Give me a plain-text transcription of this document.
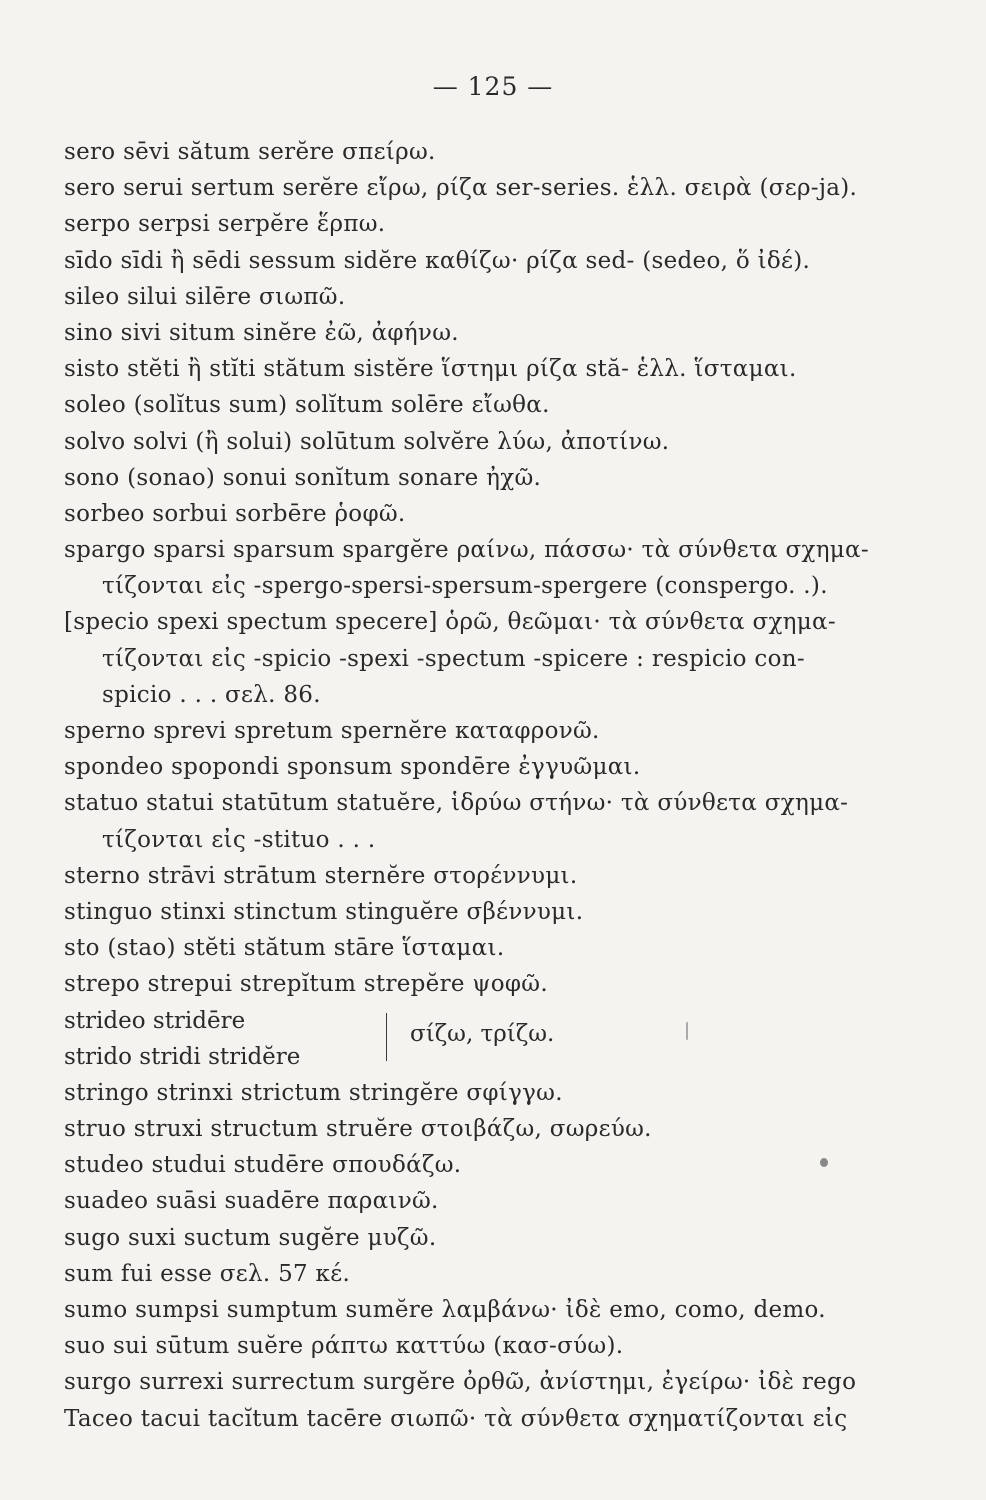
— 125 —
sero sēvi sătum serĕre σπείρω.
sero serui sertum serĕre εἴρω, ρίζα ser-series. ἑλλ. σειρὰ (σερ-ja).
serpo serpsi serpĕre ἕρπω.
sīdo sīdi ἢ sēdi sessum sidĕre καθίζω· ρίζα sed- (sedeo, ὅ ἰδέ).
sileo silui silēre σιωπῶ.
sino sivi situm sinĕre ἐῶ, ἀφήνω.
sisto stĕti ἢ stĭti stătum sistĕre ἵστημι ρίζα stă- ἑλλ. ἵσταμαι.
soleo (solĭtus sum) solĭtum solēre εἴωθα.
solvo solvi (ἢ solui) solūtum solvĕre λύω, ἀποτίνω.
sono (sonao) sonui sonĭtum sonare ἠχῶ.
sorbeo sorbui sorbēre ῥοφῶ.
spargo sparsi sparsum spargĕre ραίνω, πάσσω· τὰ σύνθετα σχημα-
τίζονται εἰς -spergo-spersi-spersum-spergere (conspergo. .).
[specio spexi spectum specere] ὁρῶ, θεῶμαι· τὰ σύνθετα σχημα-
τίζονται εἰς -spicio -spexi -spectum -spicere : respicio con-
spicio . . . σελ. 86.
sperno sprevi spretum spernĕre καταφρονῶ.
spondeo spopondi sponsum spondēre ἐγγυῶμαι.
statuo statui statūtum statuĕre, ἱδρύω στήνω· τὰ σύνθετα σχημα-
τίζονται εἰς -stituo . . .
sterno strāvi strātum sternĕre στορέννυμι.
stinguo stinxi stinctum stinguĕre σβέννυμι.
sto (stao) stĕti stătum stāre ἵσταμαι.
strepo strepui strepĭtum strepĕre ψοφῶ.
strideo stridēre
strido stridi stridĕre
σίζω, τρίζω.
stringo strinxi strictum stringĕre σφίγγω.
struo struxi structum struĕre στοιβάζω, σωρεύω.
studeo studui studēre σπουδάζω.
suadeo suāsi suadēre παραινῶ.
sugo suxi suctum sugĕre μυζῶ.
sum fui esse σελ. 57 κέ.
sumo sumpsi sumptum sumĕre λαμβάνω· ἰδὲ emo, como, demo.
suo sui sūtum suĕre ράπτω καττύω (κασ-σύω).
surgo surrexi surrectum surgĕre ὀρθῶ, ἀνίστημι, ἐγείρω· ἰδὲ rego
Taceo tacui tacĭtum tacēre σιωπῶ· τὰ σύνθετα σχηματίζονται εἰς
